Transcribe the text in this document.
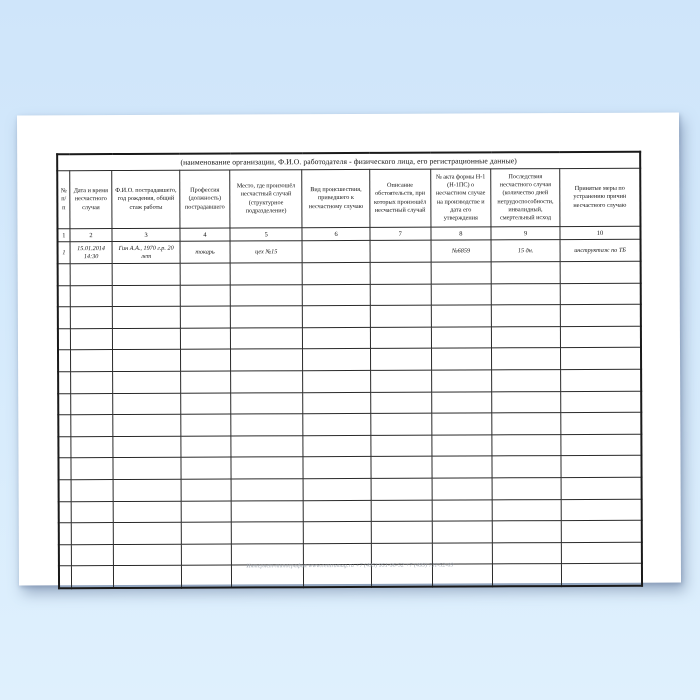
(наименование организации, Ф.И.О. работодателя - физического лица, его регистрационные данные)									
№ п/п	Дата и время несчастного случая	Ф.И.О. пострадавшего, год рождения, общий стаж работы	Профессия (должность) пострадавшего	Место, где произошёл несчастный случай (структурное подразделение)	Вид происшествия, приведшего к несчастному случаю	Описание обстоятельств, при которых произошёл несчастный случай	№ акта формы Н-1 (Н-1ПС) о несчастном случае на производстве и дата его утверждения	Последствия несчастного случая (количество дней нетрудоспособности, инвалидный, смертельный исход	Принятые меры по устранению причин несчастного случаю
1	2	3	4	5	6	7	8	9	10
1	15.01.2014 14:30	Гин А.А., 1970 г.р. 20 лет	токарь	цех №15			№6859	15 дн.	инструктаж по ТБ

Интернет-типография www.centromag.ru +7 (495) 951-96-52 +7 (499) 711-52-09
